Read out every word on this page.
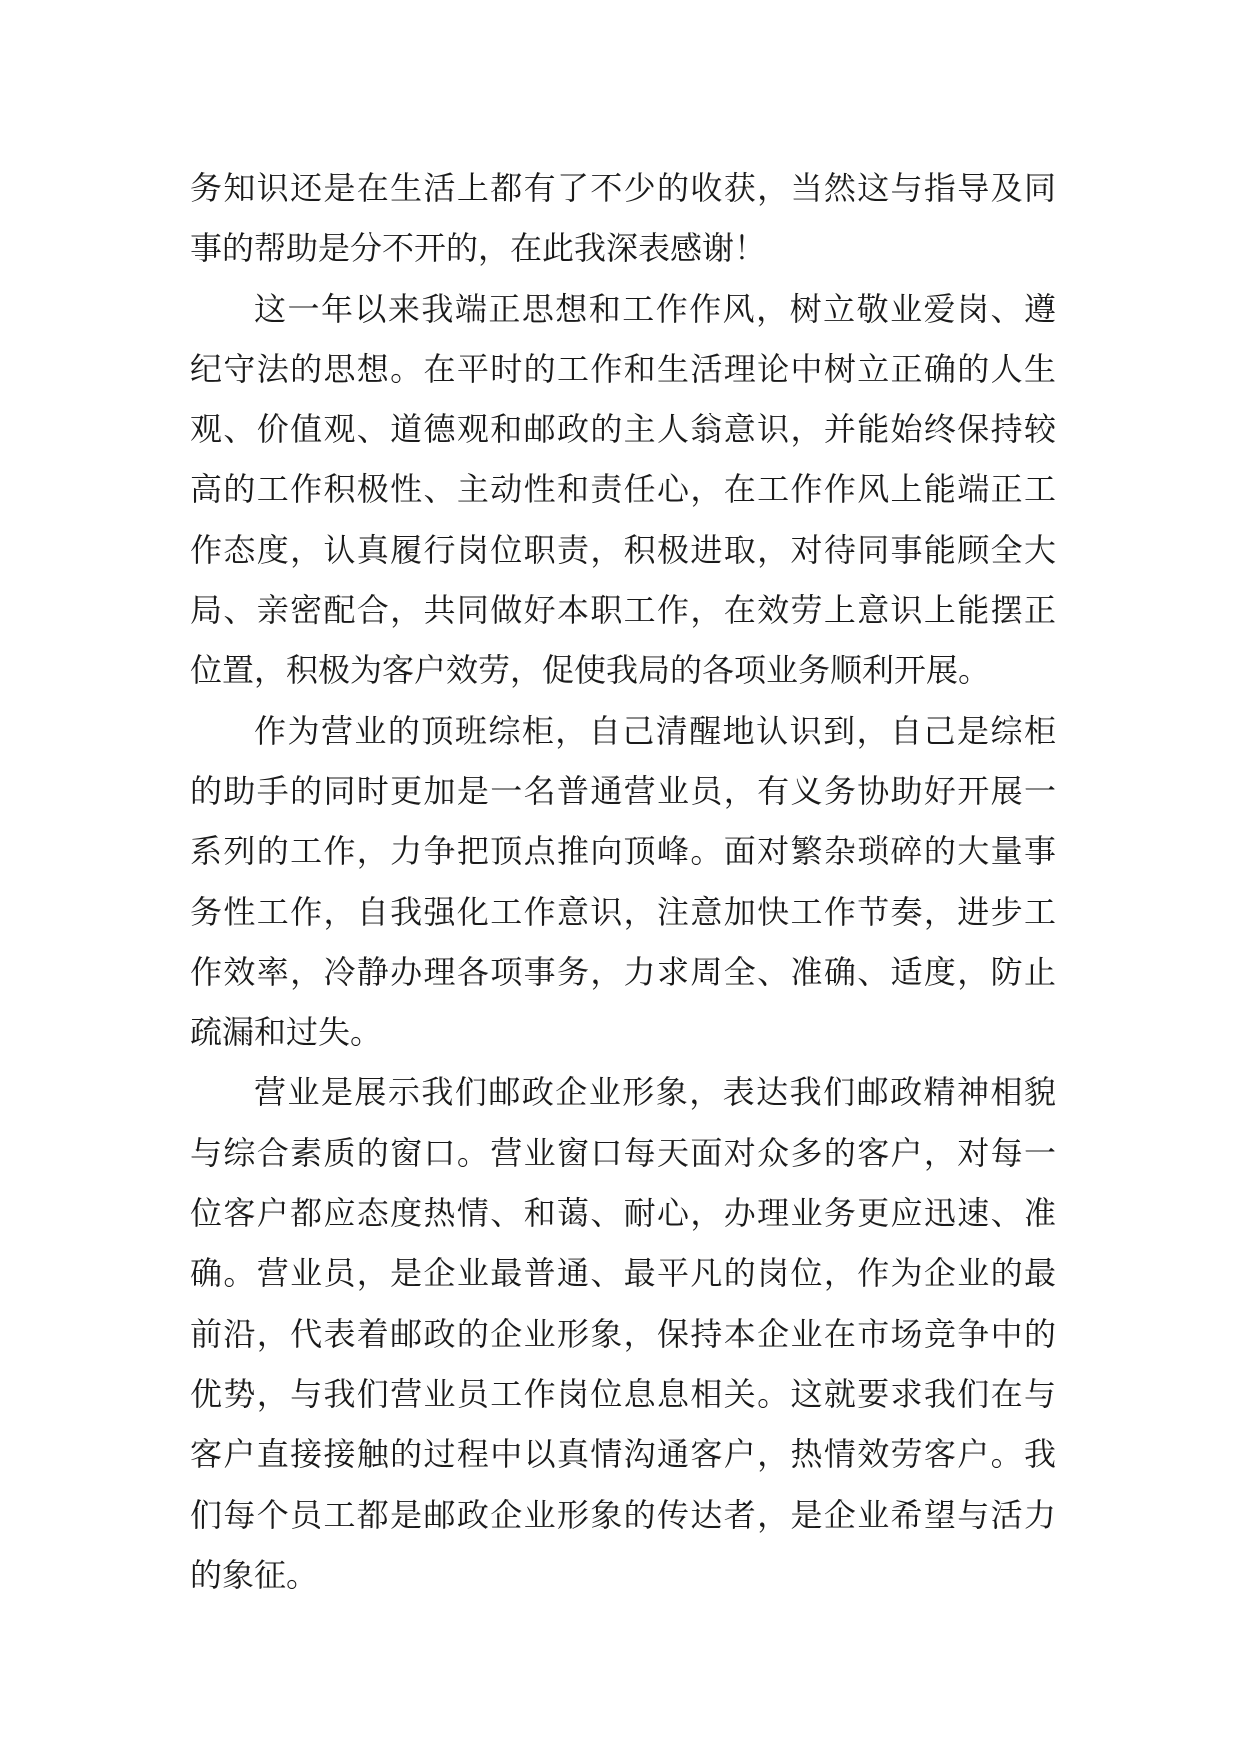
务知识还是在生活上都有了不少的收获，当然这与指导及同
事的帮助是分不开的，在此我深表感谢！
这一年以来我端正思想和工作作风，树立敬业爱岗、遵
纪守法的思想。在平时的工作和生活理论中树立正确的人生
观、价值观、道德观和邮政的主人翁意识，并能始终保持较
高的工作积极性、主动性和责任心，在工作作风上能端正工
作态度，认真履行岗位职责，积极进取，对待同事能顾全大
局、亲密配合，共同做好本职工作，在效劳上意识上能摆正
位置，积极为客户效劳，促使我局的各项业务顺利开展。
作为营业的顶班综柜，自己清醒地认识到，自己是综柜
的助手的同时更加是一名普通营业员，有义务协助好开展一
系列的工作，力争把顶点推向顶峰。面对繁杂琐碎的大量事
务性工作，自我强化工作意识，注意加快工作节奏，进步工
作效率，冷静办理各项事务，力求周全、准确、适度，防止
疏漏和过失。
营业是展示我们邮政企业形象，表达我们邮政精神相貌
与综合素质的窗口。营业窗口每天面对众多的客户，对每一
位客户都应态度热情、和蔼、耐心，办理业务更应迅速、准
确。营业员，是企业最普通、最平凡的岗位，作为企业的最
前沿，代表着邮政的企业形象，保持本企业在市场竞争中的
优势，与我们营业员工作岗位息息相关。这就要求我们在与
客户直接接触的过程中以真情沟通客户，热情效劳客户。我
们每个员工都是邮政企业形象的传达者，是企业希望与活力
的象征。
